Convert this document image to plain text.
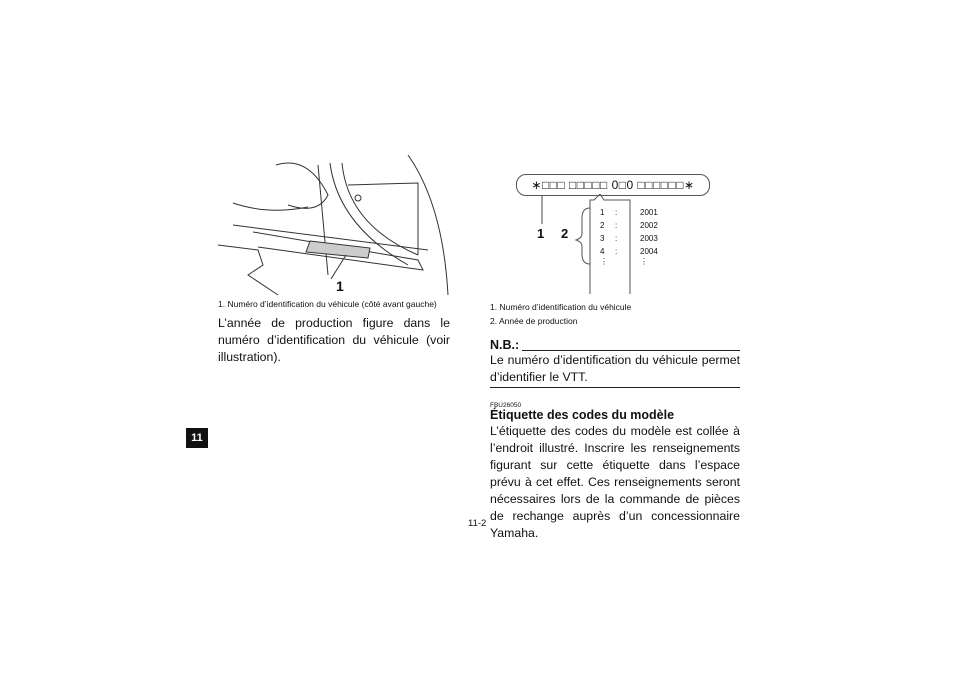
11
1
1. Numéro d’identification du véhicule (côté avant gauche)
L’année de production figure dans le numéro d’identification du véhicule (voir illustration).
∗□□□ □□□□□ 0□0 □□□□□□∗
1 2
1	:	2001
2	:	2002
3	:	2003
4	:	2004
⋮	⋮
1. Numéro d’identification du véhicule
2. Année de production
N.B.:
Le numéro d’identification du véhicule permet d’identifier le VTT.
FBU26050
Étiquette des codes du modèle
L’étiquette des codes du modèle est collée à l’endroit illustré. Inscrire les renseignements figurant sur cette étiquette dans l’espace prévu à cet effet. Ces renseignements seront nécessaires lors de la commande de pièces de rechange auprès d’un concessionnaire Yamaha.
11-2
